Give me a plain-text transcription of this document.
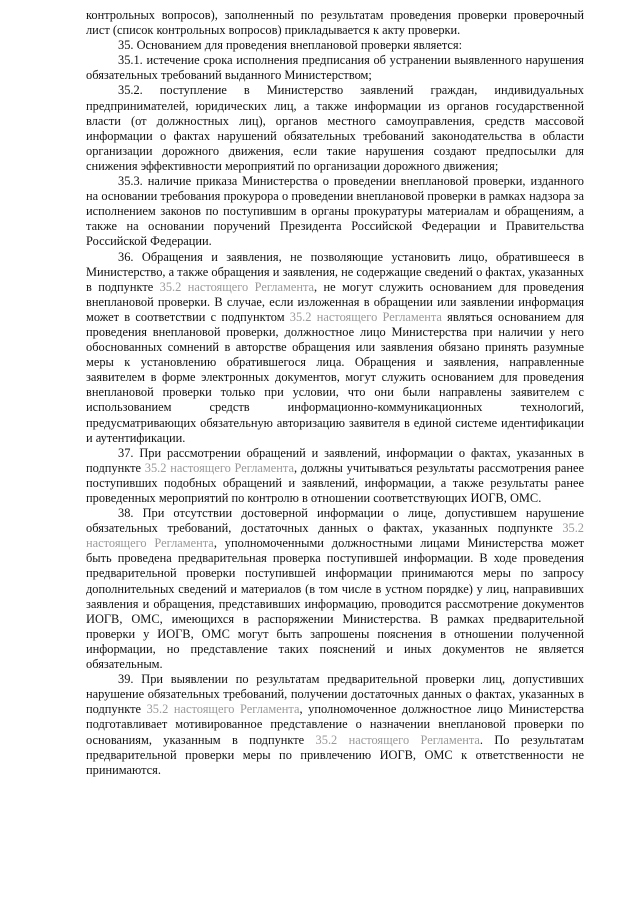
контрольных вопросов), заполненный по результатам проведения проверки проверочный лист (список контрольных вопросов) прикладывается к акту проверки.

35. Основанием для проведения внеплановой проверки является:

35.1. истечение срока исполнения предписания об устранении выявленного нарушения обязательных требований выданного Министерством;

35.2. поступление в Министерство заявлений граждан, индивидуальных предпринимателей, юридических лиц, а также информации из органов государственной власти (от должностных лиц), органов местного самоуправления, средств массовой информации о фактах нарушений обязательных требований законодательства в области организации дорожного движения, если такие нарушения создают предпосылки для снижения эффективности мероприятий по организации дорожного движения;

35.3. наличие приказа Министерства о проведении внеплановой проверки, изданного на основании требования прокурора о проведении внеплановой проверки в рамках надзора за исполнением законов по поступившим в органы прокуратуры материалам и обращениям, а также на основании поручений Президента Российской Федерации и Правительства Российской Федерации.

36. Обращения и заявления, не позволяющие установить лицо, обратившееся в Министерство, а также обращения и заявления, не содержащие сведений о фактах, указанных в подпункте 35.2 настоящего Регламента, не могут служить основанием для проведения внеплановой проверки. В случае, если изложенная в обращении или заявлении информация может в соответствии с подпунктом 35.2 настоящего Регламента являться основанием для проведения внеплановой проверки, должностное лицо Министерства при наличии у него обоснованных сомнений в авторстве обращения или заявления обязано принять разумные меры к установлению обратившегося лица. Обращения и заявления, направленные заявителем в форме электронных документов, могут служить основанием для проведения внеплановой проверки только при условии, что они были направлены заявителем с использованием средств информационно-коммуникационных технологий, предусматривающих обязательную авторизацию заявителя в единой системе идентификации и аутентификации.

37. При рассмотрении обращений и заявлений, информации о фактах, указанных в подпункте 35.2 настоящего Регламента, должны учитываться результаты рассмотрения ранее поступивших подобных обращений и заявлений, информации, а также результаты ранее проведенных мероприятий по контролю в отношении соответствующих ИОГВ, ОМС.

38. При отсутствии достоверной информации о лице, допустившем нарушение обязательных требований, достаточных данных о фактах, указанных подпункте 35.2 настоящего Регламента, уполномоченными должностными лицами Министерства может быть проведена предварительная проверка поступившей информации. В ходе проведения предварительной проверки поступившей информации принимаются меры по запросу дополнительных сведений и материалов (в том числе в устном порядке) у лиц, направивших заявления и обращения, представивших информацию, проводится рассмотрение документов ИОГВ, ОМС, имеющихся в распоряжении Министерства. В рамках предварительной проверки у ИОГВ, ОМС могут быть запрошены пояснения в отношении полученной информации, но представление таких пояснений и иных документов не является обязательным.

39. При выявлении по результатам предварительной проверки лиц, допустивших нарушение обязательных требований, получении достаточных данных о фактах, указанных в подпункте 35.2 настоящего Регламента, уполномоченное должностное лицо Министерства подготавливает мотивированное представление о назначении внеплановой проверки по основаниям, указанным в подпункте 35.2 настоящего Регламента. По результатам предварительной проверки меры по привлечению ИОГВ, ОМС к ответственности не принимаются.
